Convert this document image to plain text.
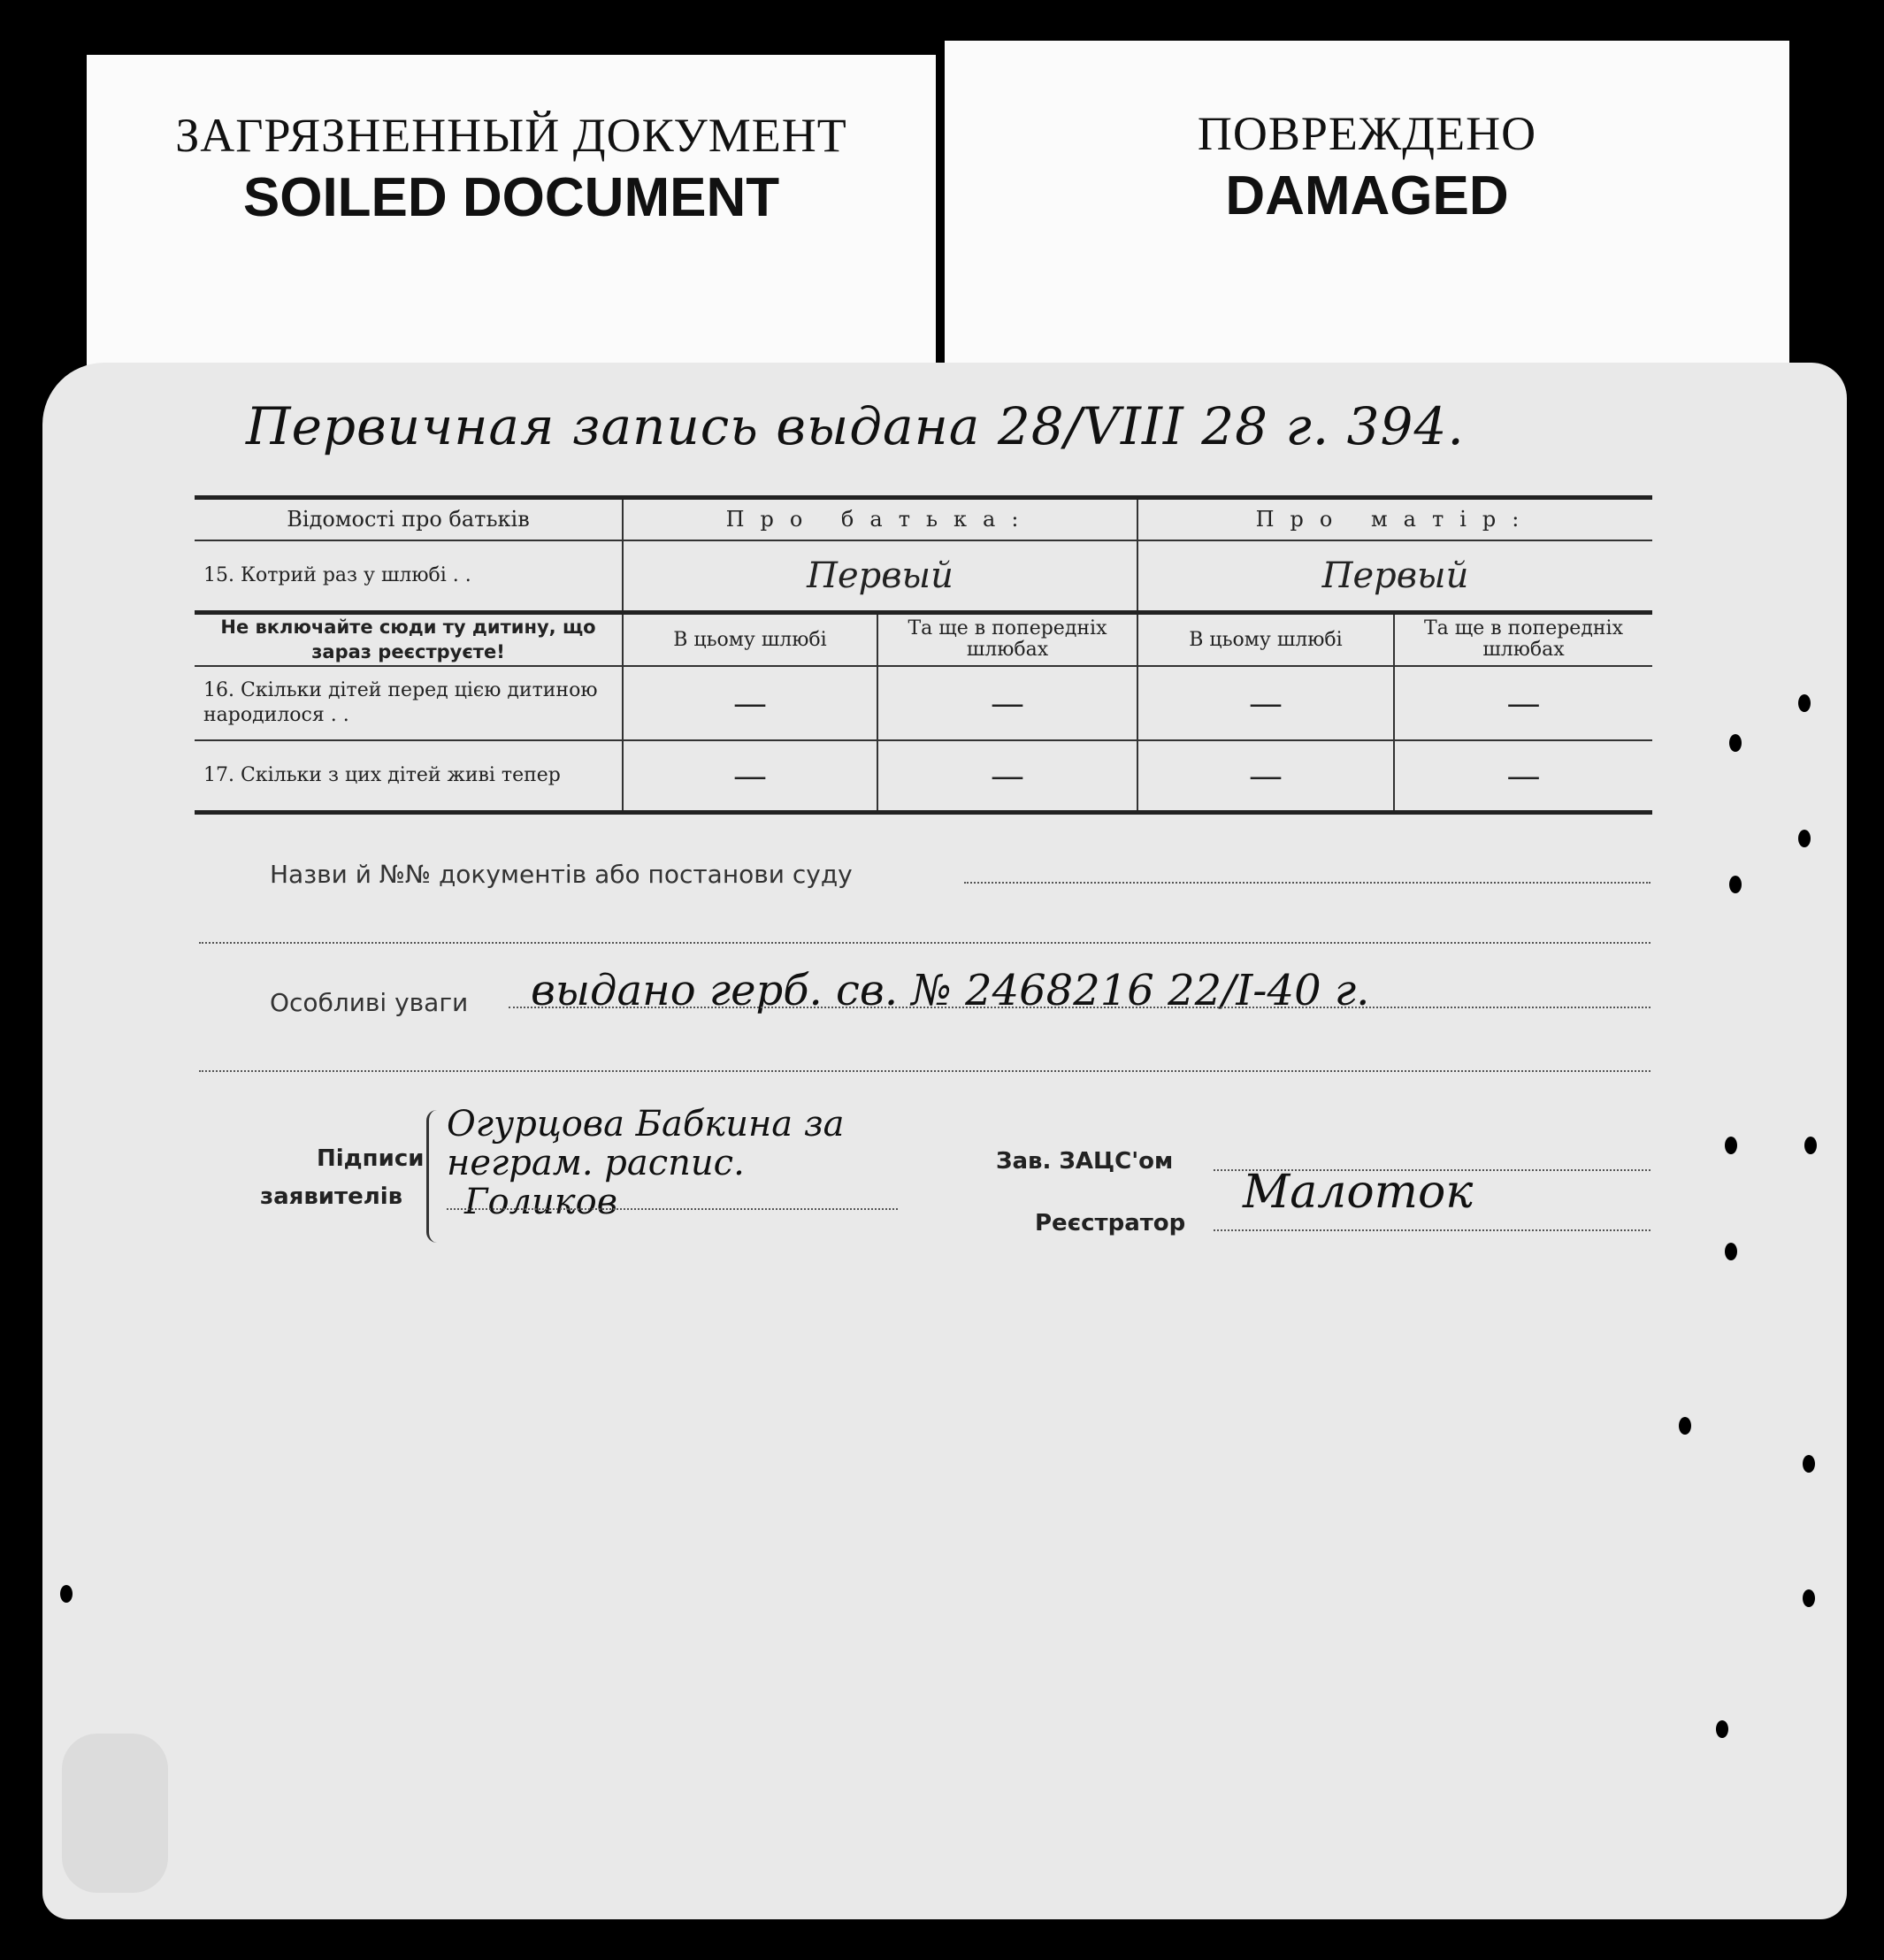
ЗАГРЯЗНЕННЫЙ ДОКУМЕНТ
SOILED DOCUMENT
ПОВРЕЖДЕНО
DAMAGED
Первичная запись выдана 28/VIII 28 г. 394.
Відомості про батьків	Про батька:		Про матір:	
15. Котрий раз у шлюбі . .	Первый		Первый	
Не включайте сюди ту дитину, що зараз реєструєте!	В цьому шлюбі	Та ще в попередніх шлюбах	В цьому шлюбі	Та ще в попередніх шлюбах
16. Скільки дітей перед цією дитиною народилося . .	—	—	—	—
17. Скільки з цих дітей живі тепер	—	—	—	—
Назви й №№ документів або постанови суду
Особливі уваги выдано герб. св. № 2468216 22/I-40 г.
Підписи
заявителів
Огурцова Бабкина за
неграм. распис.
Голиков
Зав. ЗАЦС'ом
Реєстратор
Малоток
